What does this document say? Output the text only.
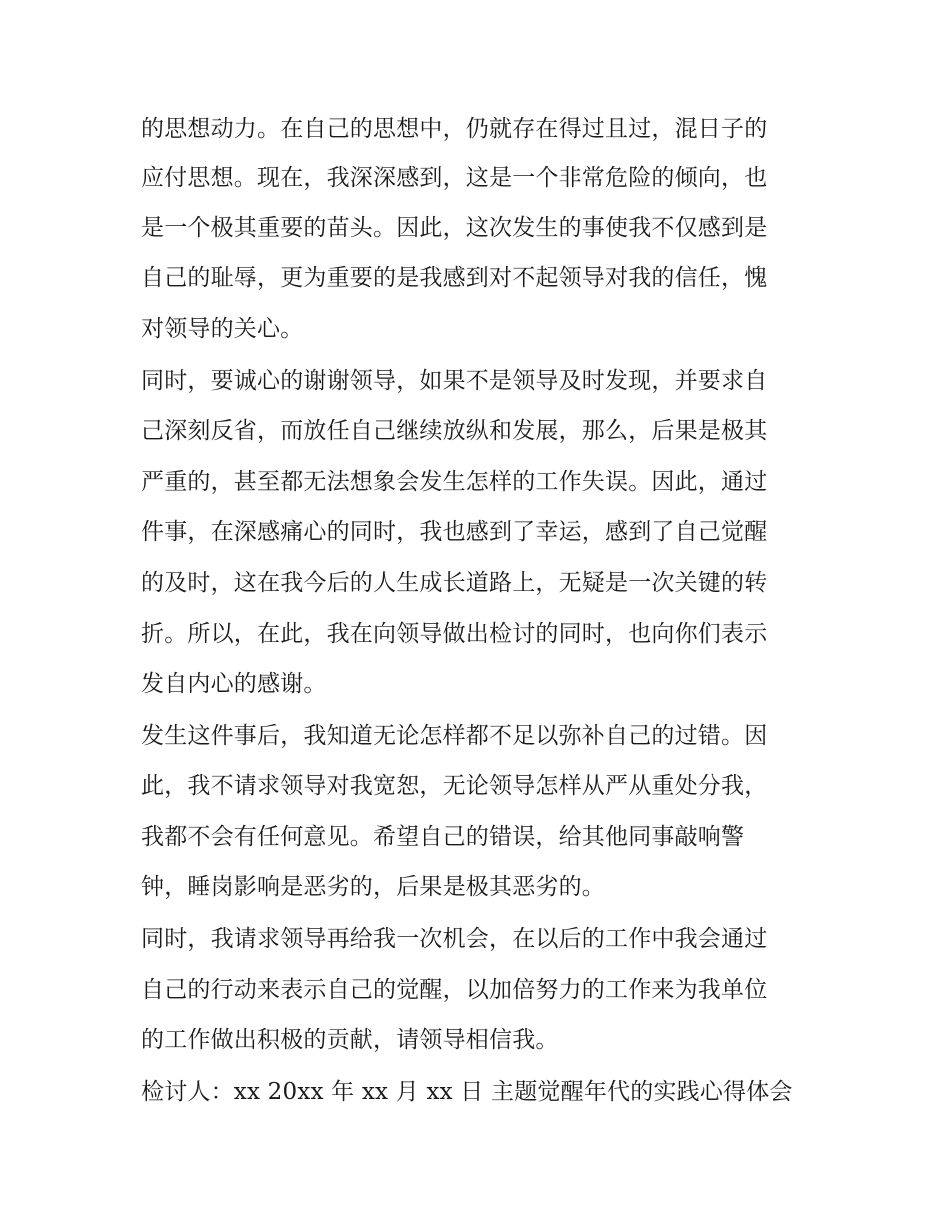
的思想动力。在自己的思想中，仍就存在得过且过，混日子的
应付思想。现在，我深深感到，这是一个非常危险的倾向，也
是一个极其重要的苗头。因此，这次发生的事使我不仅感到是
自己的耻辱，更为重要的是我感到对不起领导对我的信任，愧
对领导的关心。
同时，要诚心的谢谢领导，如果不是领导及时发现，并要求自
己深刻反省，而放任自己继续放纵和发展，那么，后果是极其
严重的，甚至都无法想象会发生怎样的工作失误。因此，通过
件事，在深感痛心的同时，我也感到了幸运，感到了自己觉醒
的及时，这在我今后的人生成长道路上，无疑是一次关键的转
折。所以，在此，我在向领导做出检讨的同时，也向你们表示
发自内心的感谢。
发生这件事后，我知道无论怎样都不足以弥补自己的过错。因
此，我不请求领导对我宽恕，无论领导怎样从严从重处分我，
我都不会有任何意见。希望自己的错误，给其他同事敲响警
钟，睡岗影响是恶劣的，后果是极其恶劣的。
同时，我请求领导再给我一次机会，在以后的工作中我会通过
自己的行动来表示自己的觉醒，以加倍努力的工作来为我单位
的工作做出积极的贡献，请领导相信我。
检讨人：xx 20xx 年 xx 月 xx 日 主题觉醒年代的实践心得体会
